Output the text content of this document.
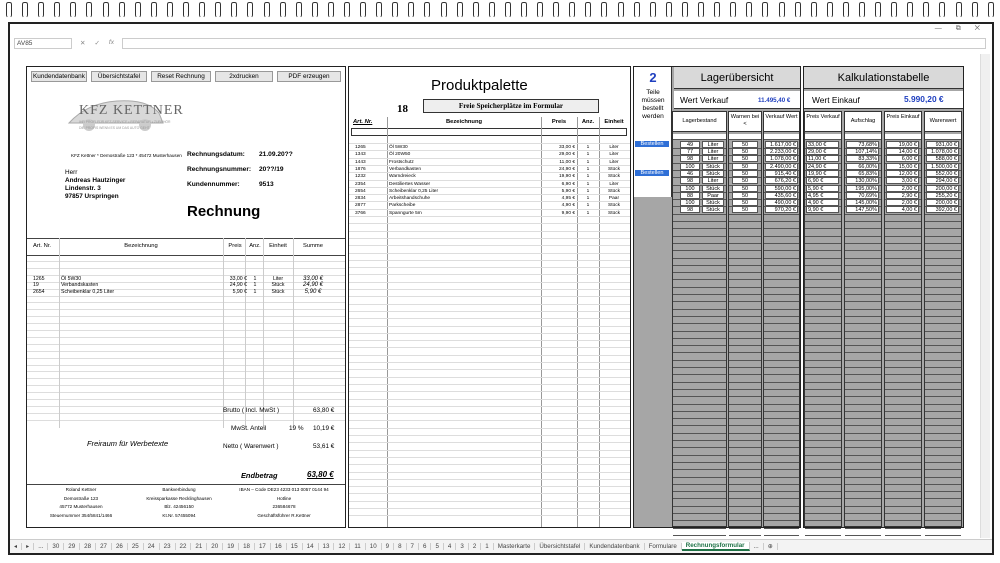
— ⧉ ✕
AV85	✕ ✓ fx
KFZ KETTNER
IHR PROFI FÜR KFZ-SERVICE • REPARATUR • ZUBEHÖR
DIE PROFIS WENN ES UM DAS AUTO GEHT
KFZ Kettner * Demostraße 123 * 45472 Musterhausen
Rechnung
Freiraum für Werbetexte
Kundendatenbank	Übersichtstafel	Reset Rechnung	2xdrucken	PDF erzeugen
Herr
Andreas Hautzinger
Lindenstr. 3
97857 Urspringen
Rechnungsdatum: 21.09.20??
Rechnungsnummer: 20??/19
Kundennummer:	9513
Art. Nr.	Bezeichnung	Preis	Anz.	Einheit	Summe
1265	Öl 5W30	33,00 €	1	Liter	33,00 €
19	Verbandskasten	24,90 €	1	Stück	24,90 €
2654	Scheibenklar 0,25 Liter	5,90 €	1	Stück	5,90 €
Brutto ( Incl. MwSt )	63,80 €
MwSt. Anteil	19 % 10,19 €
Netto ( Warenwert )	53,61 €
Endbetrag	63,80 €
Roland Kettner	Bankverbindung	IBAN – Code DE23 4233 013 0057 0144 94
Demostraße 123	Kreissparkasse Recklinghausen	Hotline
45772 Musterhausen	Blz. 42456150	236584678
Steuernummer 354/5841/1466	Kt.Nr. 57455094	Geschäftsführer R.Kettner
Produktpalette
18	Freie Speicherplätze im Formular
Art. Nr.	Bezeichnung	Preis	Anz.	Einheit
1265	Öl 5W30	33,00 €	1	Liter
1343	Öl 20W50	29,00 €	1	Liter
1443	Frostschutz	11,00 €	1	Liter
1876	Verbandkasten	24,90 €	1	Stück
1232	Warndreieck	19,90 €	1	Stück
2354	Destiliertes Wasser	6,90 €	1	Liter
2654	Scheibenklar 0,25 Liter	5,90 €	1	Stück
2834	Arbeitshandschuhe	4,95 €	1	Paar
2877	Parkscheibe	4,90 €	1	Stück
3766	Spanngurte 5m	9,90 €	1	Stück
2
Teile
müssen
bestellt
werden
Lagerübersicht
Wert Verkauf	11.495,40 €
Lagerbestand
Warnen bei <
Verkauf Wert
Bestellen	49	Liter	50	1.617,00 €
77	Liter	50	2.233,00 €
98	Liter	50	1.078,00 €
100	Stück	50	2.490,00 €
Bestellen	46	Stück	50	915,40 €
98	Liter	50	676,20 €
100	Stück	50	590,00 €
88	Paar	50	435,60 €
100	Stück	50	490,00 €
98	Stück	50	970,20 €
Kalkulationstabelle
Wert Einkauf	5.990,20 €
Preis Verkauf
Aufschlag
Preis Einkauf
Warenwert
33,00 €	73,68%	19,00 €	931,00 €
29,00 €	107,14%	14,00 €	1.078,00 €
11,00 €	83,33%	6,00 €	588,00 €
24,90 €	66,00%	15,00 €	1.500,00 €
19,90 €	65,83%	12,00 €	552,00 €
6,90 €	130,00%	3,00 €	294,00 €
5,90 €	195,00%	2,00 €	200,00 €
4,95 €	70,69%	2,90 €	255,20 €
4,90 €	145,00%	2,00 €	200,00 €
9,90 €	147,50%	4,00 €	392,00 €
◂	▸	...	30	29	28	27	26	25	24	23	22	21	20	19	18	17	16	15	14	13	12	11	10	9	8	7	6	5	4	3	2	1	Masterkarte	Übersichtstafel	Kundendatenbank	Formulare	Rechnungsformular	...	⊕
